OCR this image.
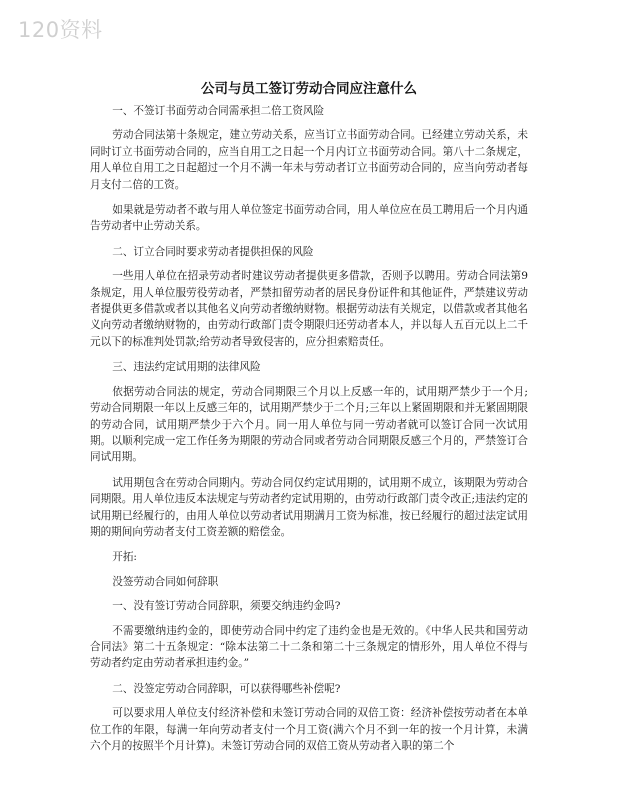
120资料
公司与员工签订劳动合同应注意什么

一、不签订书面劳动合同需承担二倍工资风险

劳动合同法第十条规定，建立劳动关系，应当订立书面劳动合同。已经建立劳动关系，未同时订立书面劳动合同的，应当自用工之日起一个月内订立书面劳动合同。第八十二条规定，用人单位自用工之日起超过一个月不满一年未与劳动者订立书面劳动合同的，应当向劳动者每月支付二倍的工资。

如果就是劳动者不敢与用人单位签定书面劳动合同，用人单位应在员工聘用后一个月内通告劳动者中止劳动关系。

二、订立合同时要求劳动者提供担保的风险

一些用人单位在招录劳动者时建议劳动者提供更多借款，否则予以聘用。劳动合同法第9条规定，用人单位服劳役劳动者，严禁扣留劳动者的居民身份证件和其他证件，严禁建议劳动者提供更多借款或者以其他名义向劳动者缴纳财物。根据劳动法有关规定，以借款或者其他名义向劳动者缴纳财物的，由劳动行政部门责令期限归还劳动者本人，并以每人五百元以上二千元以下的标准判处罚款;给劳动者导致侵害的，应分担索赔责任。

三、违法约定试用期的法律风险

依据劳动合同法的规定，劳动合同期限三个月以上反感一年的，试用期严禁少于一个月;劳动合同期限一年以上反感三年的，试用期严禁少于二个月;三年以上紧固期限和并无紧固期限的劳动合同，试用期严禁少于六个月。同一用人单位与同一劳动者就可以签订合同一次试用期。以顺利完成一定工作任务为期限的劳动合同或者劳动合同期限反感三个月的，严禁签订合同试用期。

试用期包含在劳动合同期内。劳动合同仅约定试用期的，试用期不成立，该期限为劳动合同期限。用人单位违反本法规定与劳动者约定试用期的，由劳动行政部门责令改正;违法约定的试用期已经履行的，由用人单位以劳动者试用期满月工资为标准，按已经履行的超过法定试用期的期间向劳动者支付工资差额的赔偿金。

开拓:

没签劳动合同如何辞职

一、没有签订劳动合同辞职，须要交纳违约金吗?

不需要缴纳违约金的，即使劳动合同中约定了违约金也是无效的。《中华人民共和国劳动合同法》第二十五条规定：“除本法第二十二条和第二十三条规定的情形外，用人单位不得与劳动者约定由劳动者承担违约金。”

二、没签定劳动合同辞职，可以获得哪些补偿呢?

可以要求用人单位支付经济补偿和未签订劳动合同的双倍工资：经济补偿按劳动者在本单位工作的年限，每满一年向劳动者支付一个月工资(满六个月不到一年的按一个月计算，未满六个月的按照半个月计算)。未签订劳动合同的双倍工资从劳动者入职的第二个
